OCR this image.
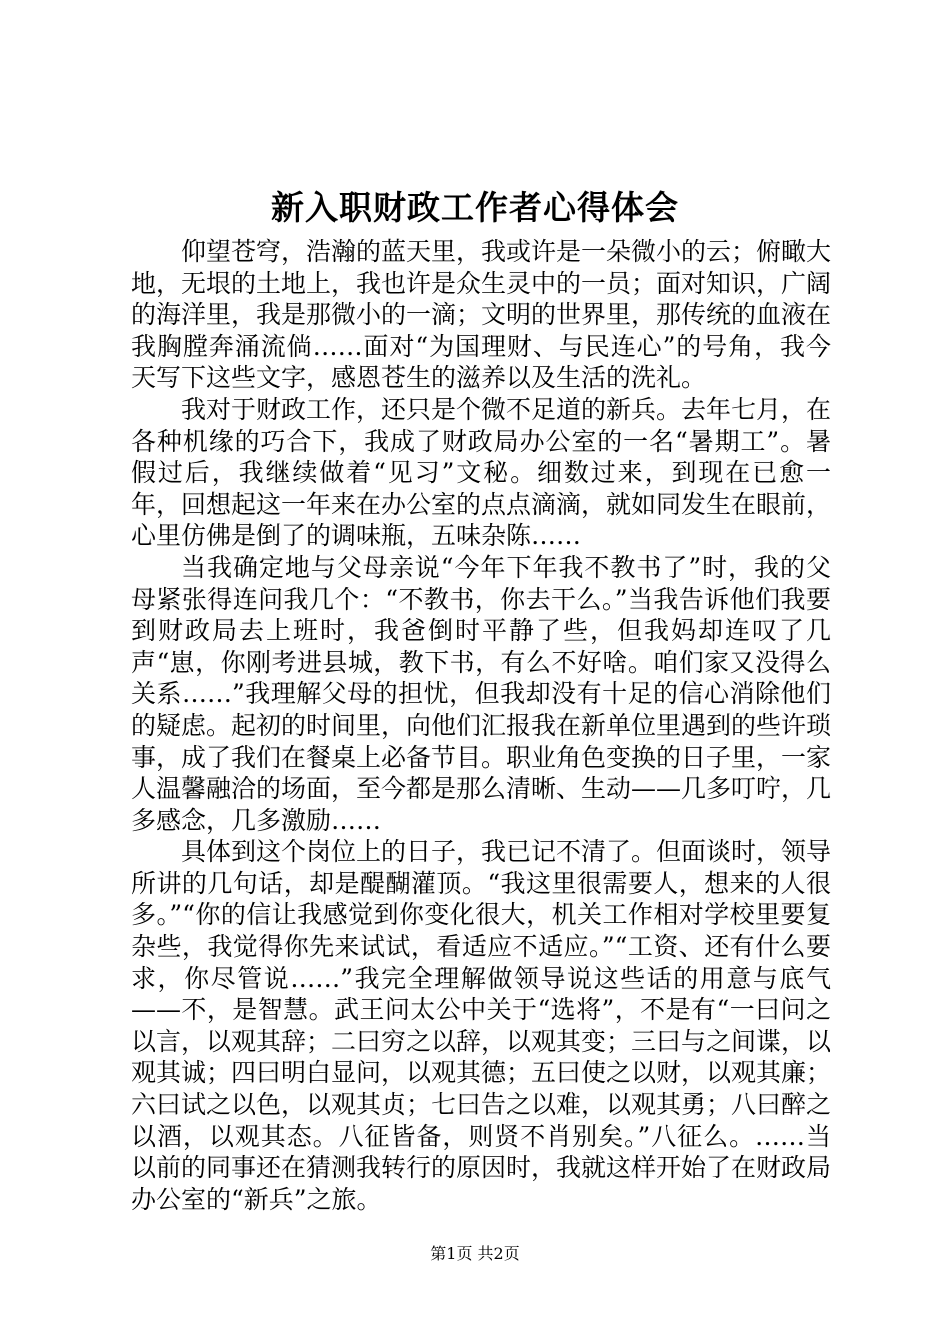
新入职财政工作者心得体会

仰望苍穹，浩瀚的蓝天里，我或许是一朵微小的云；俯瞰大地，无垠的土地上，我也许是众生灵中的一员；面对知识，广阔的海洋里，我是那微小的一滴；文明的世界里，那传统的血液在我胸膛奔涌流倘……面对“为国理财、与民连心”的号角，我今天写下这些文字，感恩苍生的滋养以及生活的洗礼。

我对于财政工作，还只是个微不足道的新兵。去年七月，在各种机缘的巧合下，我成了财政局办公室的一名“暑期工”。暑假过后，我继续做着“见习”文秘。细数过来，到现在已愈一年，回想起这一年来在办公室的点点滴滴，就如同发生在眼前，心里仿佛是倒了的调味瓶，五味杂陈……

当我确定地与父母亲说“今年下年我不教书了”时，我的父母紧张得连问我几个：“不教书，你去干么。”当我告诉他们我要到财政局去上班时，我爸倒时平静了些，但我妈却连叹了几声“崽，你刚考进县城，教下书，有么不好啥。咱们家又没得么关系……”我理解父母的担忧，但我却没有十足的信心消除他们的疑虑。起初的时间里，向他们汇报我在新单位里遇到的些许琐事，成了我们在餐桌上必备节目。职业角色变换的日子里，一家人温馨融洽的场面，至今都是那么清晰、生动——几多叮咛，几多感念，几多激励……

具体到这个岗位上的日子，我已记不清了。但面谈时，领导所讲的几句话，却是醍醐灌顶。“我这里很需要人，想来的人很多。”“你的信让我感觉到你变化很大，机关工作相对学校里要复杂些，我觉得你先来试试，看适应不适应。”“工资、还有什么要求，你尽管说……”我完全理解做领导说这些话的用意与底气——不，是智慧。武王问太公中关于“选将”，不是有“一曰问之以言，以观其辞；二曰穷之以辞，以观其变；三曰与之间谍，以观其诚；四曰明白显问，以观其德；五曰使之以财，以观其廉；六曰试之以色，以观其贞；七曰告之以难，以观其勇；八曰醉之以酒，以观其态。八征皆备，则贤不肖别矣。”八征么。……当以前的同事还在猜测我转行的原因时，我就这样开始了在财政局办公室的“新兵”之旅。

第1页 共2页
